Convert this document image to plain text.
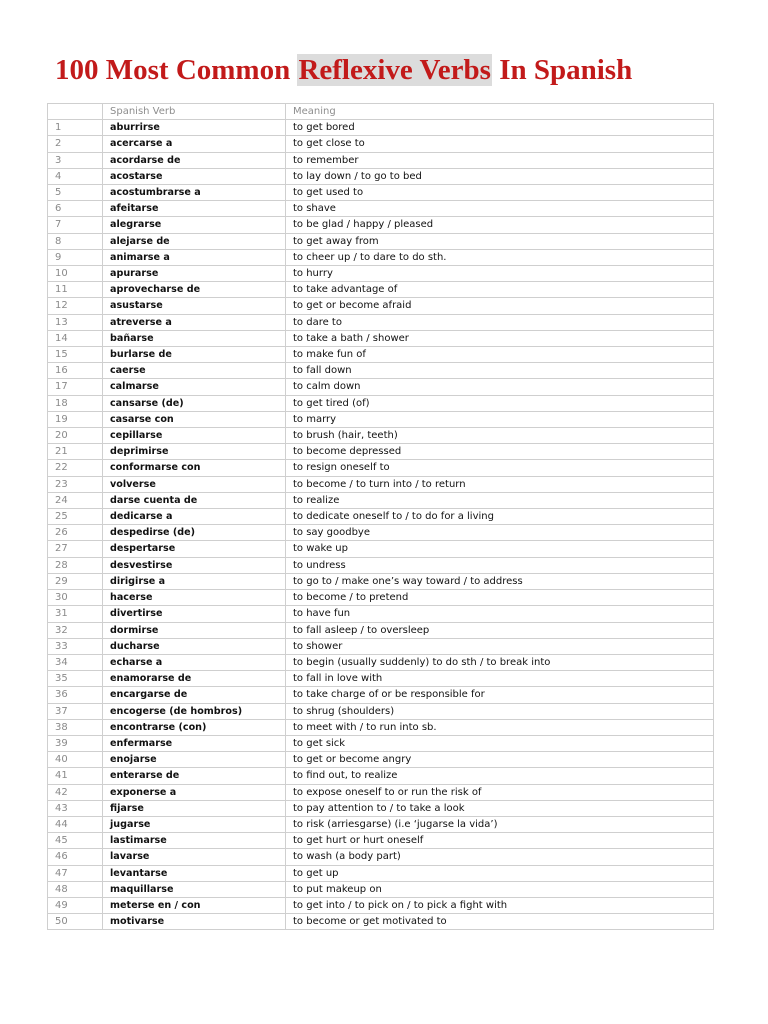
100 Most Common Reflexive Verbs In Spanish
	Spanish Verb	Meaning
1	aburrirse	to get bored
2	acercarse a	to get close to
3	acordarse de	to remember
4	acostarse	to lay down / to go to bed
5	acostumbrarse a	to get used to
6	afeitarse	to shave
7	alegrarse	to be glad / happy / pleased
8	alejarse de	to get away from
9	animarse a	to cheer up / to dare to do sth.
10	apurarse	to hurry
11	aprovecharse de	to take advantage of
12	asustarse	to get or become afraid
13	atreverse a	to dare to
14	bañarse	to take a bath / shower
15	burlarse de	to make fun of
16	caerse	to fall down
17	calmarse	to calm down
18	cansarse (de)	to get tired (of)
19	casarse con	to marry
20	cepillarse	to brush (hair, teeth)
21	deprimirse	to become depressed
22	conformarse con	to resign oneself to
23	volverse	to become / to turn into / to return
24	darse cuenta de	to realize
25	dedicarse a	to dedicate oneself to / to do for a living
26	despedirse (de)	to say goodbye
27	despertarse	to wake up
28	desvestirse	to undress
29	dirigirse a	to go to / make one’s way toward / to address
30	hacerse	to become / to pretend
31	divertirse	to have fun
32	dormirse	to fall asleep / to oversleep
33	ducharse	to shower
34	echarse a	to begin (usually suddenly) to do sth / to break into
35	enamorarse de	to fall in love with
36	encargarse de	to take charge of or be responsible for
37	encogerse (de hombros)	to shrug (shoulders)
38	encontrarse (con)	to meet with / to run into sb.
39	enfermarse	to get sick
40	enojarse	to get or become angry
41	enterarse de	to find out, to realize
42	exponerse a	to expose oneself to or run the risk of
43	fijarse	to pay attention to / to take a look
44	jugarse	to risk (arriesgarse) (i.e ‘jugarse la vida’)
45	lastimarse	to get hurt or hurt oneself
46	lavarse	to wash (a body part)
47	levantarse	to get up
48	maquillarse	to put makeup on
49	meterse en / con	to get into / to pick on / to pick a fight with
50	motivarse	to become or get motivated to
